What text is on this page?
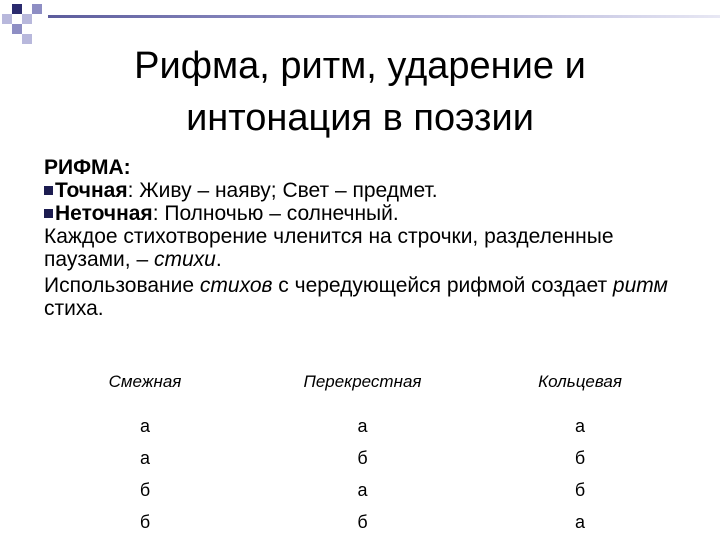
Рифма, ритм, ударение и интонация в поэзии

РИФМА:

Точная: Живу – наяву; Свет – предмет.

Неточная: Полночью – солнечный.

Каждое стихотворение членится на строчки, разделенные паузами, – стихи.

Использование стихов с чередующейся рифмой создает ритм стиха.

Смежная
а
а
б
б
Перекрестная
а
б
а
б
Кольцевая
а
б
б
а
